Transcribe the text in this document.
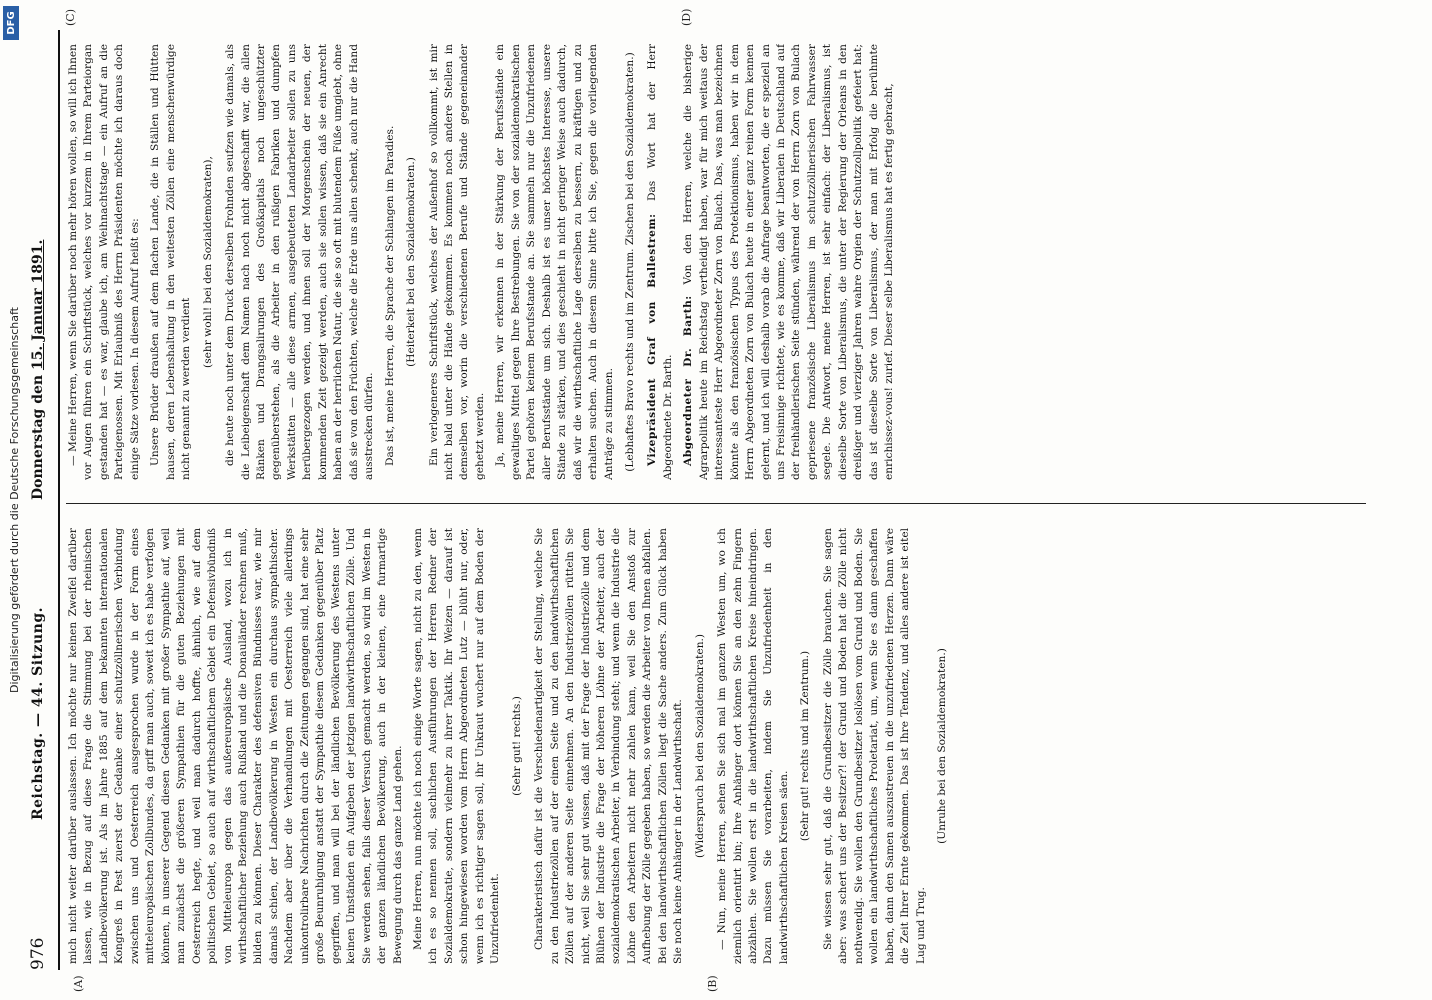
Digitalisierung gefördert durch die Deutsche Forschungsgemeinschaft
DFG
976
Reichstag. — 44. Sitzung.
Donnerstag den 15. Januar 1891.
(A)	(B)
(C)	(D)

mich nicht weiter darüber auslassen. Ich möchte nur keinen Zweifel darüber lassen, wie in Bezug auf diese Frage die Stimmung bei der rheinischen Landbevölkerung ist. Als im Jahre 1885 auf dem bekannten internationalen Kongreß in Pest zuerst der Gedanke einer schutzzöllnerischen Verbindung zwischen uns und Oesterreich ausgesprochen wurde in der Form eines mitteleuropäischen Zollbundes, da griff man auch, soweit ich es habe verfolgen können, in unserer Gegend diesen Gedanken mit großer Sympathie auf, weil man zunächst die größeren Sympathien für die guten Beziehungen mit Oesterreich hegte, und weil man dadurch hoffte, ähnlich, wie auf dem politischen Gebiet, so auch auf wirthschaftlichem Gebiet ein Defensivbündniß von Mitteleuropa gegen das außereuropäische Ausland, wozu ich in wirthschaftlicher Beziehung auch Rußland und die Donauländer rechnen muß, bilden zu können. Dieser Charakter des defensiven Bündnisses war, wie mir damals schien, der Landbevölkerung in Westen ein durchaus sympathischer. Nachdem aber über die Verhandlungen mit Oesterreich viele allerdings unkontrolirbare Nachrichten durch die Zeitungen gegangen sind, hat eine sehr große Beunruhigung anstatt der Sympathie diesem Gedanken gegenüber Platz gegriffen, und man will bei der ländlichen Bevölkerung des Westens unter keinen Umständen ein Aufgeben der jetzigen landwirthschaftlichen Zölle. Und Sie werden sehen, falls dieser Versuch gemacht werden, so wird im Westen in der ganzen ländlichen Bevölkerung, auch in der kleinen, eine furmartige Bewegung durch das ganze Land gehen. Meine Herren, nun möchte ich noch einige Worte sagen, nicht zu den, wenn ich es so nennen soll, sachlichen Ausführungen der Herren Redner der Sozialdemokratie, sondern vielmehr zu ihrer Taktik. Ihr Weizen — darauf ist schon hingewiesen worden vom Herrn Abgeordneten Lutz — blüht nur, oder, wenn ich es richtiger sagen soll, ihr Unkraut wuchert nur auf dem Boden der Unzufriedenheit.

(Sehr gut! rechts.) Charakteristisch dafür ist die Verschiedenartigkeit der Stellung, welche Sie zu den Industriezöllen auf der einen Seite und zu den landwirthschaftlichen Zöllen auf der anderen Seite einnehmen. An den Industriezöllen rütteln Sie nicht, weil Sie sehr gut wissen, daß mit der Frage der Industriezölle und dem Blühen der Industrie die Frage der höheren Löhne der Arbeiter, auch der sozialdemokratischen Arbeiter, in Verbindung steht; und wenn die Industrie die Löhne den Arbeitern nicht mehr zahlen kann, weil Sie den Anstoß zur Aufhebung der Zölle gegeben haben, so werden die Arbeiter von Ihnen abfallen. Bei den landwirthschaftlichen Zöllen liegt die Sache anders. Zum Glück haben Sie noch keine Anhänger in der Landwirthschaft. (Widerspruch bei den Sozialdemokraten.) — Nun, meine Herren, sehen Sie sich mal im ganzen Westen um, wo ich ziemlich orientirt bin; Ihre Anhänger dort können Sie an den zehn Fingern abzählen. Sie wollen erst in die landwirthschaftlichen Kreise hineindringen. Dazu müssen Sie vorarbeiten, indem Sie Unzufriedenheit in den landwirthschaftlichen Kreisen säen.

(Sehr gut! rechts und im Zentrum.) Sie wissen sehr gut, daß die Grundbesitzer die Zölle brauchen. Sie sagen aber: was schert uns der Besitzer?! der Grund und Boden hat die Zölle nicht nothwendig. Sie wollen den Grundbesitzer loslösen vom Grund und Boden. Sie wollen ein landwirthschaftliches Proletariat, um, wenn Sie es dann geschaffen haben, dann den Samen auszustreuen in die unzufriedenen Herzen. Dann wäre die Zeit Ihrer Ernte gekommen. Das ist Ihre Tendenz, und alles andere ist eitel Lug und Trug.

(Unruhe bei den Sozialdemokraten.)

— Meine Herren, wenn Sie darüber noch mehr hören wollen, so will ich Ihnen vor Augen führen ein Schriftstück, welches vor kurzem in Ihrem Parteiorgan gestanden hat — es war, glaube ich, am Weihnachtstage — ein Aufruf an die Parteigenossen. Mit Erlaubniß des Herrn Präsidenten möchte ich daraus doch einige Sätze vorlesen. In diesem Aufruf heißt es: Unsere Brüder draußen auf dem flachen Lande, die in Ställen und Hütten hausen, deren Lebenshaltung in den weitesten Zöllen eine menschenwürdige nicht genannt zu werden verdient

(sehr wohl! bei den Sozialdemokraten), die heute noch unter dem Druck derselben Frohnden seufzen wie damals, als die Leibeigenschaft dem Namen nach noch nicht abgeschafft war, die allen Ränken und Drangsalirungen des Großkapitals noch ungeschützter gegenüberstehen, als die Arbeiter in den rußigen Fabriken und dumpfen Werkstätten — alle diese armen, ausgebeuteten Landarbeiter sollen zu uns herübergezogen werden, und ihnen soll der Morgenschein der neuen, der kommenden Zeit gezeigt werden, auch sie sollen wissen, daß sie ein Anrecht haben an der herrlichen Natur, die sie so oft mit blutendem Füße umgiebt, ohne daß sie von den Früchten, welche die Erde uns allen schenkt, auch nur die Hand ausstrecken dürfen. Das ist, meine Herren, die Sprache der Schlangen im Paradies. (Heiterkeit bei den Sozialdemokraten.) Ein verlogeneres Schriftstück, welches der Außenhof so vollkommt, ist mir nicht bald unter die Hände gekommen. Es kommen noch andere Stellen in demselben vor, worin die verschiedenen Berufe und Stände gegeneinander gehetzt werden. Ja, meine Herren, wir erkennen in der Stärkung der Berufsstände ein gewaltiges Mittel gegen Ihre Bestrebungen. Sie von der sozialdemokratischen Partei gehören keinem Berufsstande an. Sie sammeln nur die Unzufriedenen aller Berufsstände um sich. Deshalb ist es unser höchstes Interesse, unsere Stände zu stärken, und dies geschieht in nicht geringer Weise auch dadurch, daß wir die wirthschaftliche Lage derselben zu bessern, zu kräftigen und zu erhalten suchen. Auch in diesem Sinne bitte ich Sie, gegen die vorliegenden Anträge zu stimmen. (Lebhaftes Bravo rechts und im Zentrum. Zischen bei den Sozialdemokraten.) Vizepräsident Graf von Ballestrem: Das Wort hat der Herr Abgeordnete Dr. Barth. Abgeordneter Dr. Barth: Von den Herren, welche die bisherige Agrarpolitik heute im Reichstag vertheidigt haben, war für mich weitaus der interessanteste Herr Abgeordneter Zorn von Bulach. Das, was man bezeichnen könnte als den französischen Typus des Protektionismus, haben wir in dem Herrn Abgeordneten Zorn von Bulach heute in einer ganz reinen Form kennen gelernt, und ich will deshalb vorab die Anfrage beantworten, die er speziell an uns Freisinnige richtete, wie es komme, daß wir Liberalen in Deutschland auf der freihändlerischen Seite stünden, während der von Herrn Zorn von Bulach gepriesene französische Liberalismus im schutzzöllnerischen Fahrwasser segele. Die Antwort, meine Herren, ist sehr einfach: der Liberalismus, ist dieselbe Sorte von Liberalismus, die unter der Regierung der Orleans in den dreißiger und vierziger Jahren wahre Orgien der Schutzzollpolitik gefeiert hat; das ist dieselbe Sorte von Liberalismus, der man mit Erfolg die berühmte enrichissez-vous! zurief. Dieser selbe Liberalismus hat es fertig gebracht,
